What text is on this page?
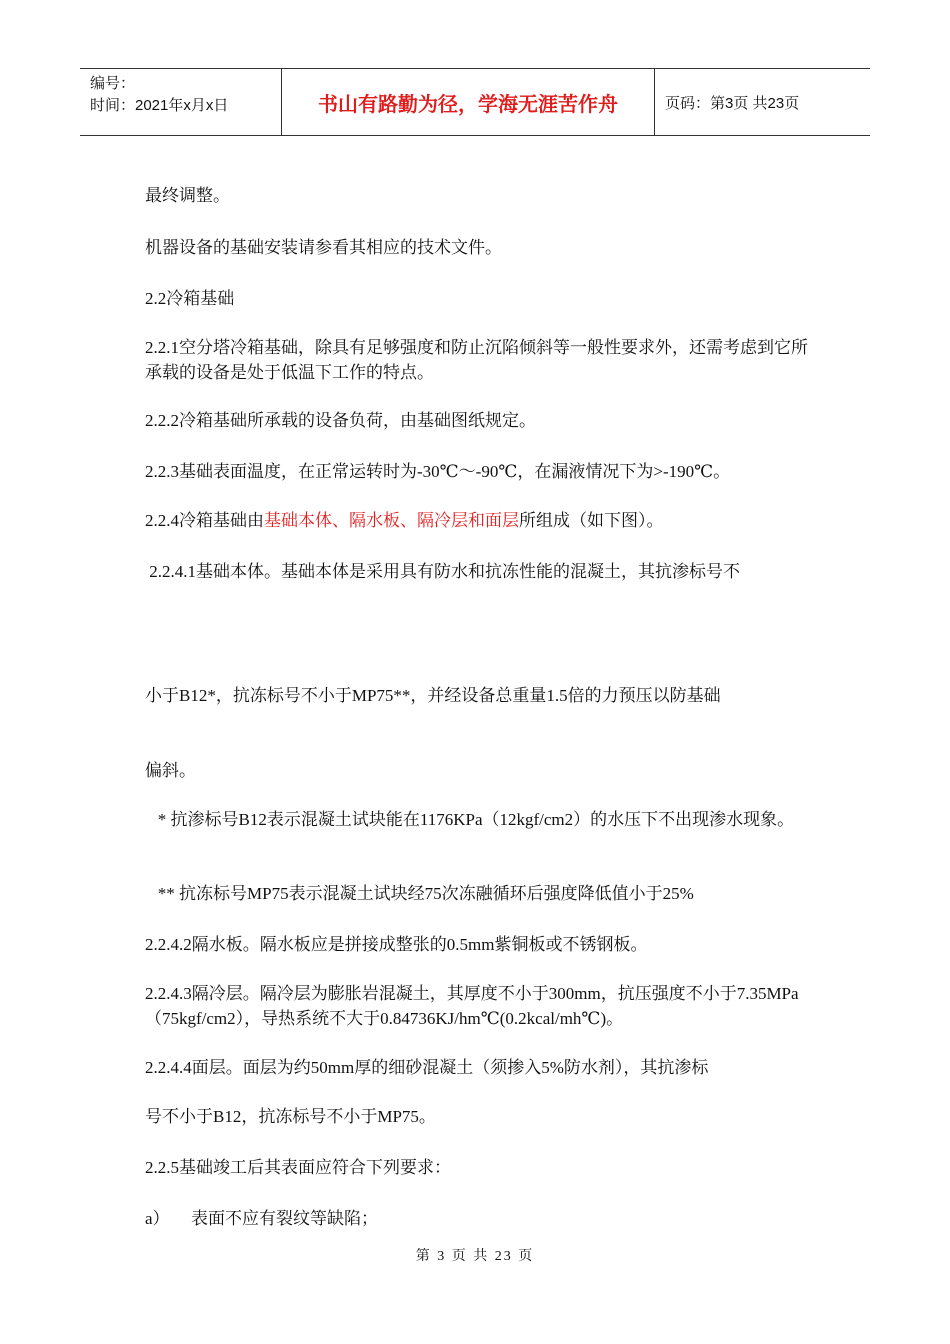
编号：
时间：2021年x月x日	书山有路勤为径，学海无涯苦作舟	页码：第3页 共23页
最终调整。
机器设备的基础安装请参看其相应的技术文件。
2.2冷箱基础
2.2.1空分塔冷箱基础，除具有足够强度和防止沉陷倾斜等一般性要求外，还需考虑到它所承载的设备是处于低温下工作的特点。
2.2.2冷箱基础所承载的设备负荷，由基础图纸规定。
2.2.3基础表面温度，在正常运转时为-30℃～-90℃，在漏液情况下为>-190℃。
2.2.4冷箱基础由基础本体、隔水板、隔冷层和面层所组成（如下图）。
2.2.4.1基础本体。基础本体是采用具有防水和抗冻性能的混凝土，其抗渗标号不
小于B12*，抗冻标号不小于MP75**，并经设备总重量1.5倍的力预压以防基础
偏斜。
* 抗渗标号B12表示混凝土试块能在1176KPa（12kgf/cm2）的水压下不出现渗水现象。
** 抗冻标号MP75表示混凝土试块经75次冻融循环后强度降低值小于25%
2.2.4.2隔水板。隔水板应是拼接成整张的0.5mm紫铜板或不锈钢板。
2.2.4.3隔冷层。隔冷层为膨胀岩混凝土，其厚度不小于300mm，抗压强度不小于7.35MPa（75kgf/cm2），导热系统不大于0.84736KJ/hm℃(0.2kcal/mh℃)。
2.2.4.4面层。面层为约50mm厚的细砂混凝土（须掺入5%防水剂），其抗渗标
号不小于B12，抗冻标号不小于MP75。
2.2.5基础竣工后其表面应符合下列要求：
a） 表面不应有裂纹等缺陷；
第 3 页 共 23 页
